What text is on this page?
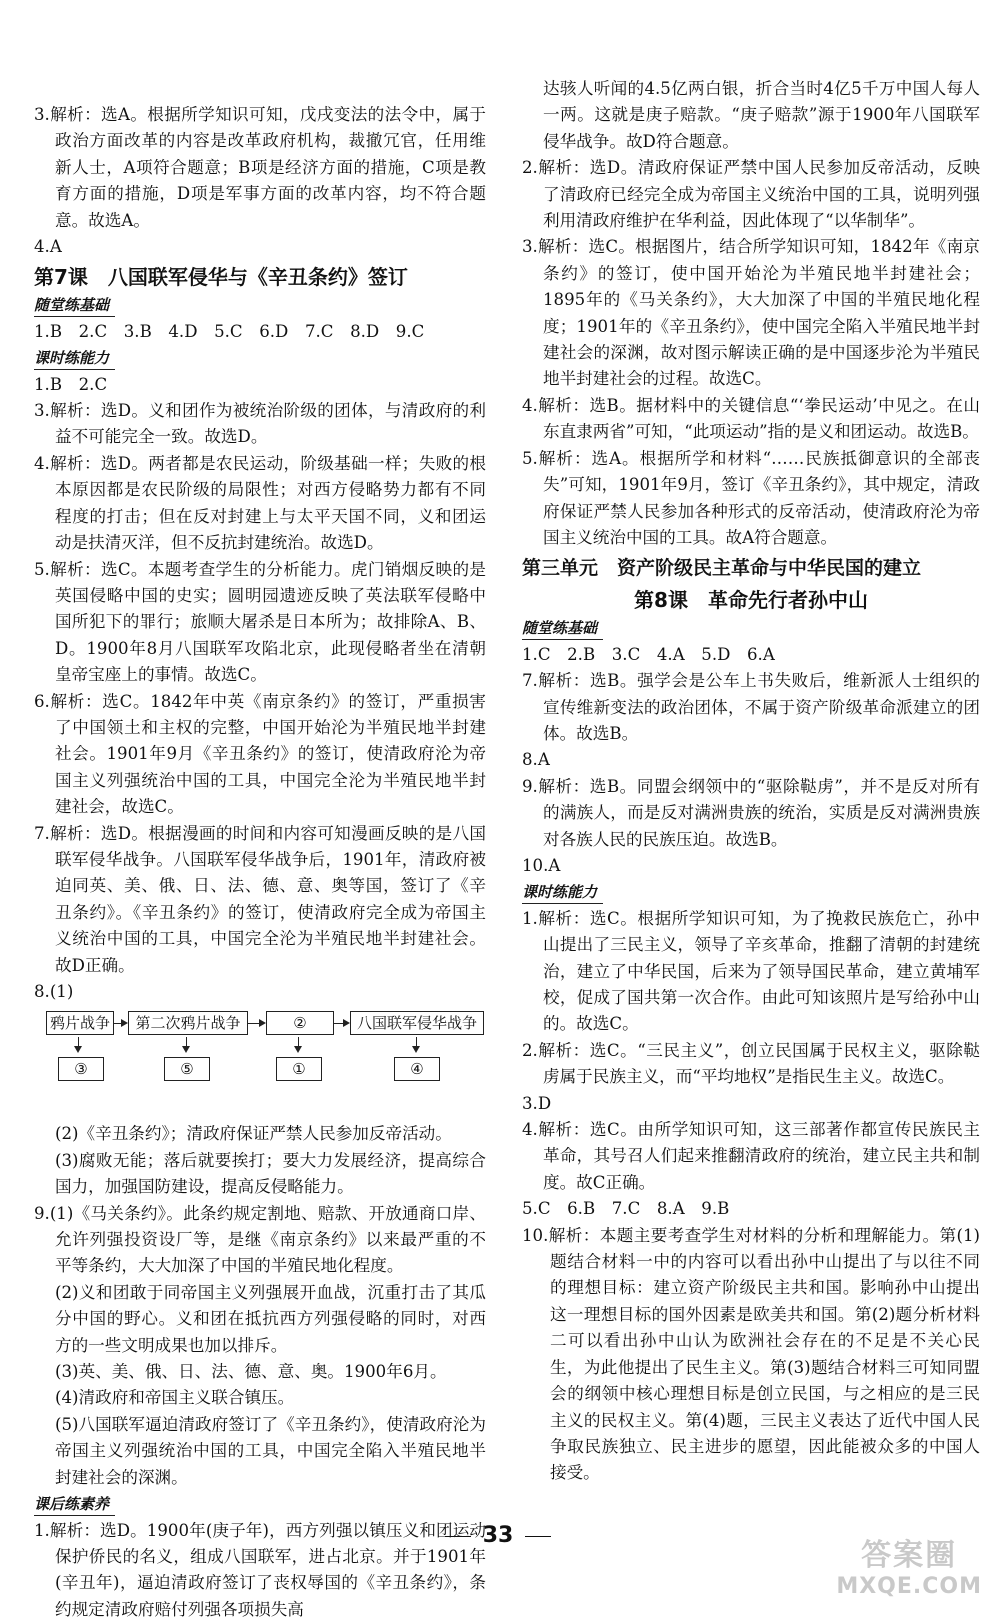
3.解析：选A。根据所学知识可知，戊戌变法的法令中，属于政治方面改革的内容是改革政府机构，裁撤冗官，任用维新人士，A项符合题意；B项是经济方面的措施，C项是教育方面的措施，D项是军事方面的改革内容，均不符合题意。故选A。

4.A

第7课　八国联军侵华与《辛丑条约》签订

随堂练基础

1.B　2.C　3.B　4.D　5.C　6.D　7.C　8.D　9.C

课时练能力

1.B　2.C

3.解析：选D。义和团作为被统治阶级的团体，与清政府的利益不可能完全一致。故选D。

4.解析：选D。两者都是农民运动，阶级基础一样；失败的根本原因都是农民阶级的局限性；对西方侵略势力都有不同程度的打击；但在反对封建上与太平天国不同，义和团运动是扶清灭洋，但不反抗封建统治。故选D。

5.解析：选C。本题考查学生的分析能力。虎门销烟反映的是英国侵略中国的史实；圆明园遗迹反映了英法联军侵略中国所犯下的罪行；旅顺大屠杀是日本所为；故排除A、B、D。1900年8月八国联军攻陷北京，此现侵略者坐在清朝皇帝宝座上的事情。故选C。

6.解析：选C。1842年中英《南京条约》的签订，严重损害了中国领土和主权的完整，中国开始沦为半殖民地半封建社会。1901年9月《辛丑条约》的签订，使清政府沦为帝国主义列强统治中国的工具，中国完全沦为半殖民地半封建社会，故选C。

7.解析：选D。根据漫画的时间和内容可知漫画反映的是八国联军侵华战争。八国联军侵华战争后，1901年，清政府被迫同英、美、俄、日、法、德、意、奥等国，签订了《辛丑条约》。《辛丑条约》的签订，使清政府完全成为帝国主义统治中国的工具，中国完全沦为半殖民地半封建社会。故D正确。

8.(1)

鸦片战争	第二次鸦片战争	②	八国联军侵华战争
③	⑤	①	④

(2)《辛丑条约》；清政府保证严禁人民参加反帝活动。

(3)腐败无能；落后就要挨打；要大力发展经济，提高综合国力，加强国防建设，提高反侵略能力。

9.(1)《马关条约》。此条约规定割地、赔款、开放通商口岸、允许列强投资设厂等，是继《南京条约》以来最严重的不平等条约，大大加深了中国的半殖民地化程度。

(2)义和团敢于同帝国主义列强展开血战，沉重打击了其瓜分中国的野心。义和团在抵抗西方列强侵略的同时，对西方的一些文明成果也加以排斥。

(3)英、美、俄、日、法、德、意、奥。1900年6月。

(4)清政府和帝国主义联合镇压。

(5)八国联军逼迫清政府签订了《辛丑条约》，使清政府沦为帝国主义列强统治中国的工具，中国完全陷入半殖民地半封建社会的深渊。

课后练素养

1.解析：选D。1900年(庚子年)，西方列强以镇压义和团运动保护侨民的名义，组成八国联军，进占北京。并于1901年(辛丑年)，逼迫清政府签订了丧权辱国的《辛丑条约》，条约规定清政府赔付列强各项损失高

达骇人听闻的4.5亿两白银，折合当时4亿5千万中国人每人一两。这就是庚子赔款。“庚子赔款”源于1900年八国联军侵华战争。故D符合题意。

2.解析：选D。清政府保证严禁中国人民参加反帝活动，反映了清政府已经完全成为帝国主义统治中国的工具，说明列强利用清政府维护在华利益，因此体现了“以华制华”。

3.解析：选C。根据图片，结合所学知识可知，1842年《南京条约》的签订，使中国开始沦为半殖民地半封建社会；1895年的《马关条约》，大大加深了中国的半殖民地化程度；1901年的《辛丑条约》，使中国完全陷入半殖民地半封建社会的深渊，故对图示解读正确的是中国逐步沦为半殖民地半封建社会的过程。故选C。

4.解析：选B。据材料中的关键信息“‘拳民运动’中见之。在山东直隶两省”可知，“此项运动”指的是义和团运动。故选B。

5.解析：选A。根据所学和材料“……民族抵御意识的全部丧失”可知，1901年9月，签订《辛丑条约》，其中规定，清政府保证严禁人民参加各种形式的反帝活动，使清政府沦为帝国主义统治中国的工具。故A符合题意。

第三单元　资产阶级民主革命与中华民国的建立

第8课　革命先行者孙中山

随堂练基础

1.C　2.B　3.C　4.A　5.D　6.A

7.解析：选B。强学会是公车上书失败后，维新派人士组织的宣传维新变法的政治团体，不属于资产阶级革命派建立的团体。故选B。

8.A

9.解析：选B。同盟会纲领中的“驱除鞑虏”，并不是反对所有的满族人，而是反对满洲贵族的统治，实质是反对满洲贵族对各族人民的民族压迫。故选B。

10.A

课时练能力

1.解析：选C。根据所学知识可知，为了挽救民族危亡，孙中山提出了三民主义，领导了辛亥革命，推翻了清朝的封建统治，建立了中华民国，后来为了领导国民革命，建立黄埔军校，促成了国共第一次合作。由此可知该照片是写给孙中山的。故选C。

2.解析：选C。“三民主义”，创立民国属于民权主义，驱除鞑虏属于民族主义，而“平均地权”是指民生主义。故选C。

3.D

4.解析：选C。由所学知识可知，这三部著作都宣传民族民主革命，其号召人们起来推翻清政府的统治，建立民主共和制度。故C正确。

5.C　6.B　7.C　8.A　9.B

10.解析：本题主要考查学生对材料的分析和理解能力。第(1)题结合材料一中的内容可以看出孙中山提出了与以往不同的理想目标：建立资产阶级民主共和国。影响孙中山提出这一理想目标的国外因素是欧美共和国。第(2)题分析材料二可以看出孙中山认为欧洲社会存在的不足是不关心民生，为此他提出了民生主义。第(3)题结合材料三可知同盟会的纲领中核心理想目标是创立民国，与之相应的是三民主义的民权主义。第(4)题，三民主义表达了近代中国人民争取民族独立、民主进步的愿望，因此能被众多的中国人接受。

33
答案圈
MXQE.COM
